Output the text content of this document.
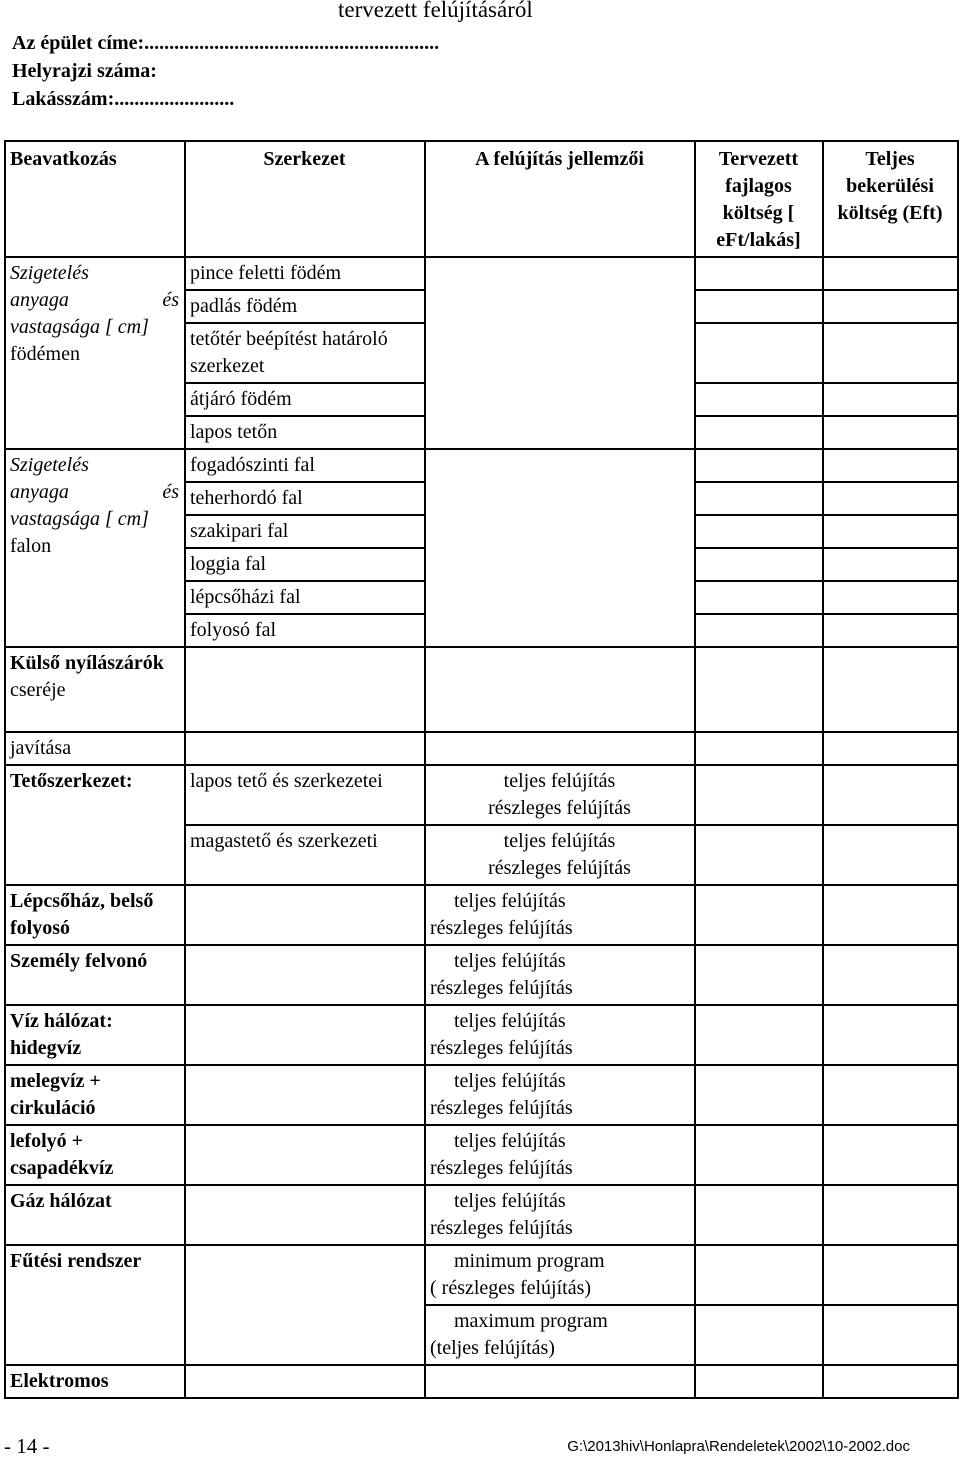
tervezett felújításáról
Az épület címe:...........................................................
Helyrajzi száma:
Lakásszám:........................
Beavatkozás	Szerkezet	A felújítás jellemzői	Tervezett fajlagos költség [ eFt/lakás]	Teljes bekerülési költség (Eft)

Szigetelés
anyaga és
vastagsága [ cm]
födémen	pince feletti födém			
	padlás födém			
	tetőtér beépítést határoló szerkezet			
	átjáró födém			
	lapos tetőn			

Szigetelés
anyaga és
vastagsága [ cm]
falon	fogadószinti fal			
	teherhordó fal			
	szakipari fal			
	loggia fal			
	lépcsőházi fal			
	folyosó fal			
Külső nyílászárók
cseréje				
javítása				
Tetőszerkezet:	lapos tető és szerkezetei	teljes felújítás
részleges felújítás		

	magastető és szerkezeti	teljes felújítás
részleges felújítás		

Lépcsőház, belső folyosó		teljes felújítás
részleges felújítás		

Személy felvonó		teljes felújítás
részleges felújítás		

Víz hálózat: hidegvíz		teljes felújítás
részleges felújítás		

melegvíz + cirkuláció		teljes felújítás
részleges felújítás		

lefolyó + csapadékvíz		teljes felújítás
részleges felújítás		

Gáz hálózat		teljes felújítás
részleges felújítás		

Fűtési rendszer		minimum program
( részleges felújítás)		

		maximum program
(teljes felújítás)		

Elektromos				
- 14 -	G:\2013hiv\Honlapra\Rendeletek\2002\10-2002.doc
